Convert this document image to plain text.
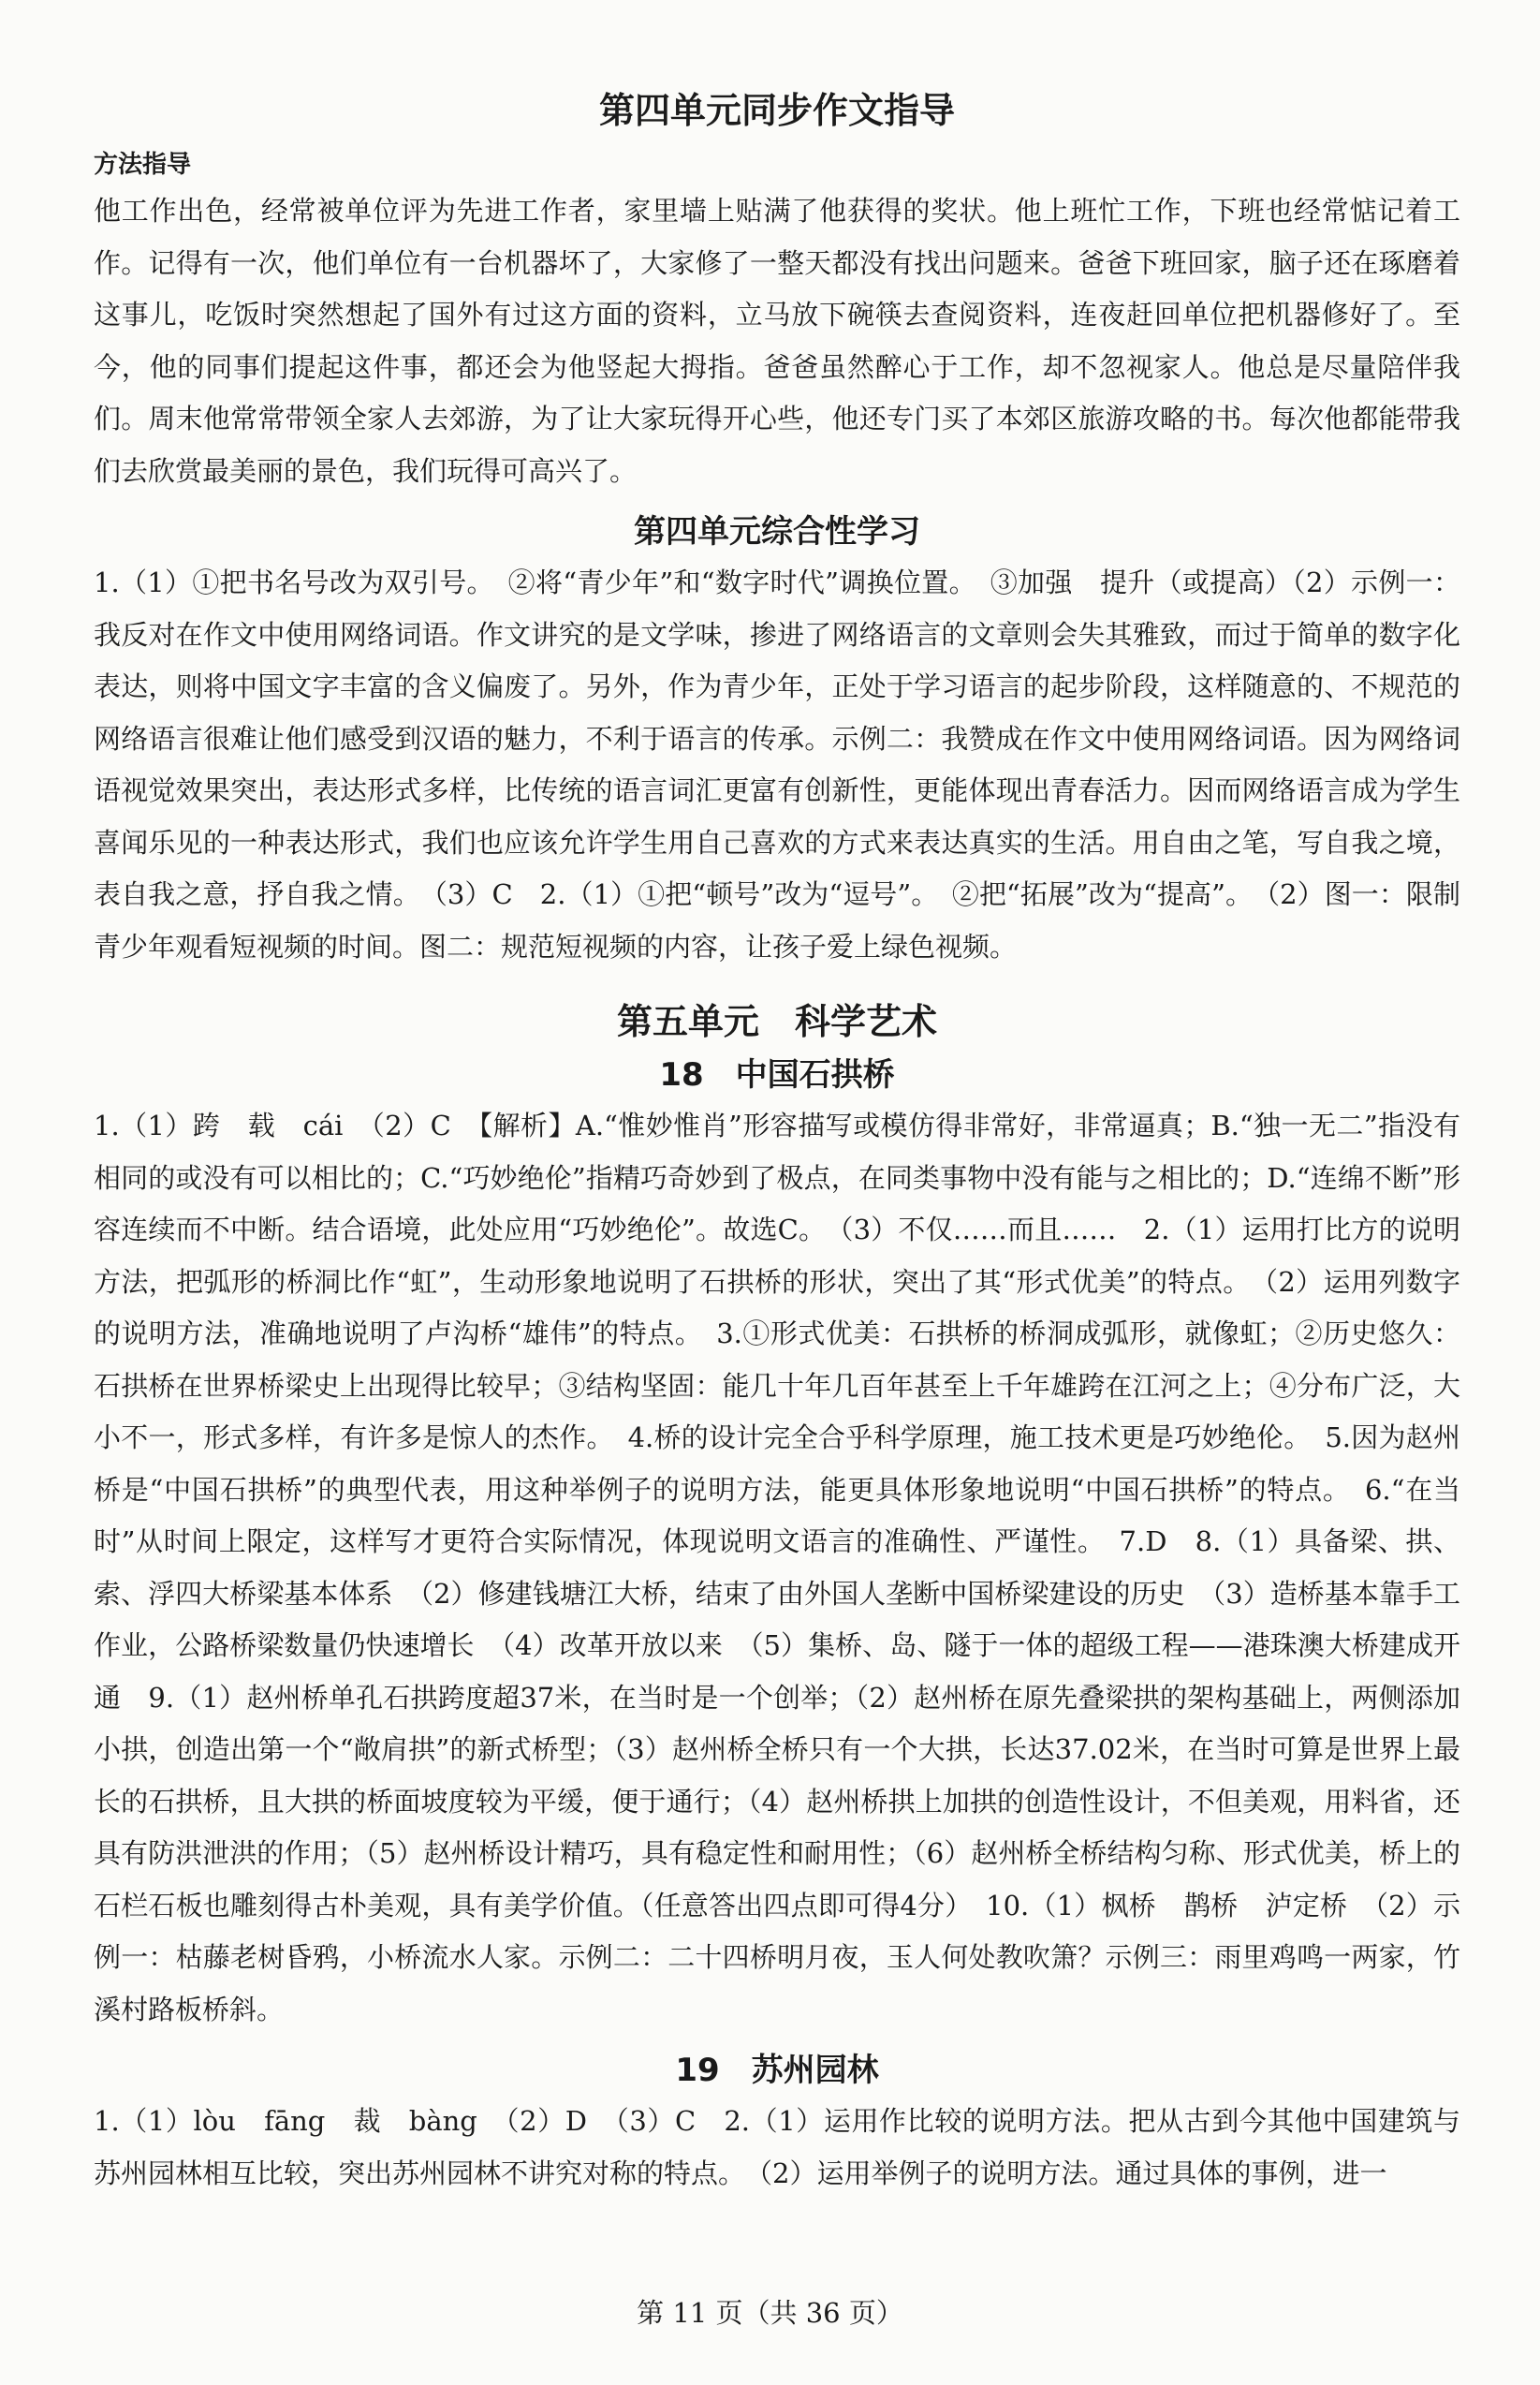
第四单元同步作文指导
方法指导

他工作出色，经常被单位评为先进工作者，家里墙上贴满了他获得的奖状。他上班忙工作，下班也经常惦记着工作。记得有一次，他们单位有一台机器坏了，大家修了一整天都没有找出问题来。爸爸下班回家，脑子还在琢磨着这事儿，吃饭时突然想起了国外有过这方面的资料，立马放下碗筷去查阅资料，连夜赶回单位把机器修好了。至今，他的同事们提起这件事，都还会为他竖起大拇指。爸爸虽然醉心于工作，却不忽视家人。他总是尽量陪伴我们。周末他常常带领全家人去郊游，为了让大家玩得开心些，他还专门买了本郊区旅游攻略的书。每次他都能带我们去欣赏最美丽的景色，我们玩得可高兴了。

第四单元综合性学习

1.（1）①把书名号改为双引号。　②将“青少年”和“数字时代”调换位置。　③加强　提升（或提高）（2）示例一：我反对在作文中使用网络词语。作文讲究的是文学味，掺进了网络语言的文章则会失其雅致，而过于简单的数字化表达，则将中国文字丰富的含义偏废了。另外，作为青少年，正处于学习语言的起步阶段，这样随意的、不规范的网络语言很难让他们感受到汉语的魅力，不利于语言的传承。示例二：我赞成在作文中使用网络词语。因为网络词语视觉效果突出，表达形式多样，比传统的语言词汇更富有创新性，更能体现出青春活力。因而网络语言成为学生喜闻乐见的一种表达形式，我们也应该允许学生用自己喜欢的方式来表达真实的生活。用自由之笔，写自我之境，表自我之意，抒自我之情。　（3）C　2.（1）①把“顿号”改为“逗号”。　②把“拓展”改为“提高”。　（2）图一：限制青少年观看短视频的时间。图二：规范短视频的内容，让孩子爱上绿色视频。

第五单元　科学艺术
18　中国石拱桥

1.（1）跨　载　cái　（2）C　【解析】A.“惟妙惟肖”形容描写或模仿得非常好，非常逼真；B.“独一无二”指没有相同的或没有可以相比的；C.“巧妙绝伦”指精巧奇妙到了极点，在同类事物中没有能与之相比的；D.“连绵不断”形容连续而不中断。结合语境，此处应用“巧妙绝伦”。故选C。　（3）不仅……而且……　2.（1）运用打比方的说明方法，把弧形的桥洞比作“虹”，生动形象地说明了石拱桥的形状，突出了其“形式优美”的特点。　（2）运用列数字的说明方法，准确地说明了卢沟桥“雄伟”的特点。　3.①形式优美：石拱桥的桥洞成弧形，就像虹；②历史悠久：石拱桥在世界桥梁史上出现得比较早；③结构坚固：能几十年几百年甚至上千年雄跨在江河之上；④分布广泛，大小不一，形式多样，有许多是惊人的杰作。　4.桥的设计完全合乎科学原理，施工技术更是巧妙绝伦。　5.因为赵州桥是“中国石拱桥”的典型代表，用这种举例子的说明方法，能更具体形象地说明“中国石拱桥”的特点。　6.“在当时”从时间上限定，这样写才更符合实际情况，体现说明文语言的准确性、严谨性。　7.D　8.（1）具备梁、拱、索、浮四大桥梁基本体系　（2）修建钱塘江大桥，结束了由外国人垄断中国桥梁建设的历史　（3）造桥基本靠手工作业，公路桥梁数量仍快速增长　（4）改革开放以来　（5）集桥、岛、隧于一体的超级工程——港珠澳大桥建成开通　9.（1）赵州桥单孔石拱跨度超37米，在当时是一个创举；（2）赵州桥在原先叠梁拱的架构基础上，两侧添加小拱，创造出第一个“敞肩拱”的新式桥型；（3）赵州桥全桥只有一个大拱，长达37.02米，在当时可算是世界上最长的石拱桥，且大拱的桥面坡度较为平缓，便于通行；（4）赵州桥拱上加拱的创造性设计，不但美观，用料省，还具有防洪泄洪的作用；（5）赵州桥设计精巧，具有稳定性和耐用性；（6）赵州桥全桥结构匀称、形式优美，桥上的石栏石板也雕刻得古朴美观，具有美学价值。（任意答出四点即可得4分）　10.（1）枫桥　鹊桥　泸定桥　（2）示例一：枯藤老树昏鸦，小桥流水人家。示例二：二十四桥明月夜，玉人何处教吹箫？示例三：雨里鸡鸣一两家，竹溪村路板桥斜。

19　苏州园林

1.（1）lòu　fāng　裁　bàng　（2）D　（3）C　2.（1）运用作比较的说明方法。把从古到今其他中国建筑与苏州园林相互比较，突出苏州园林不讲究对称的特点。　（2）运用举例子的说明方法。通过具体的事例，进一

第 11 页（共 36 页）
